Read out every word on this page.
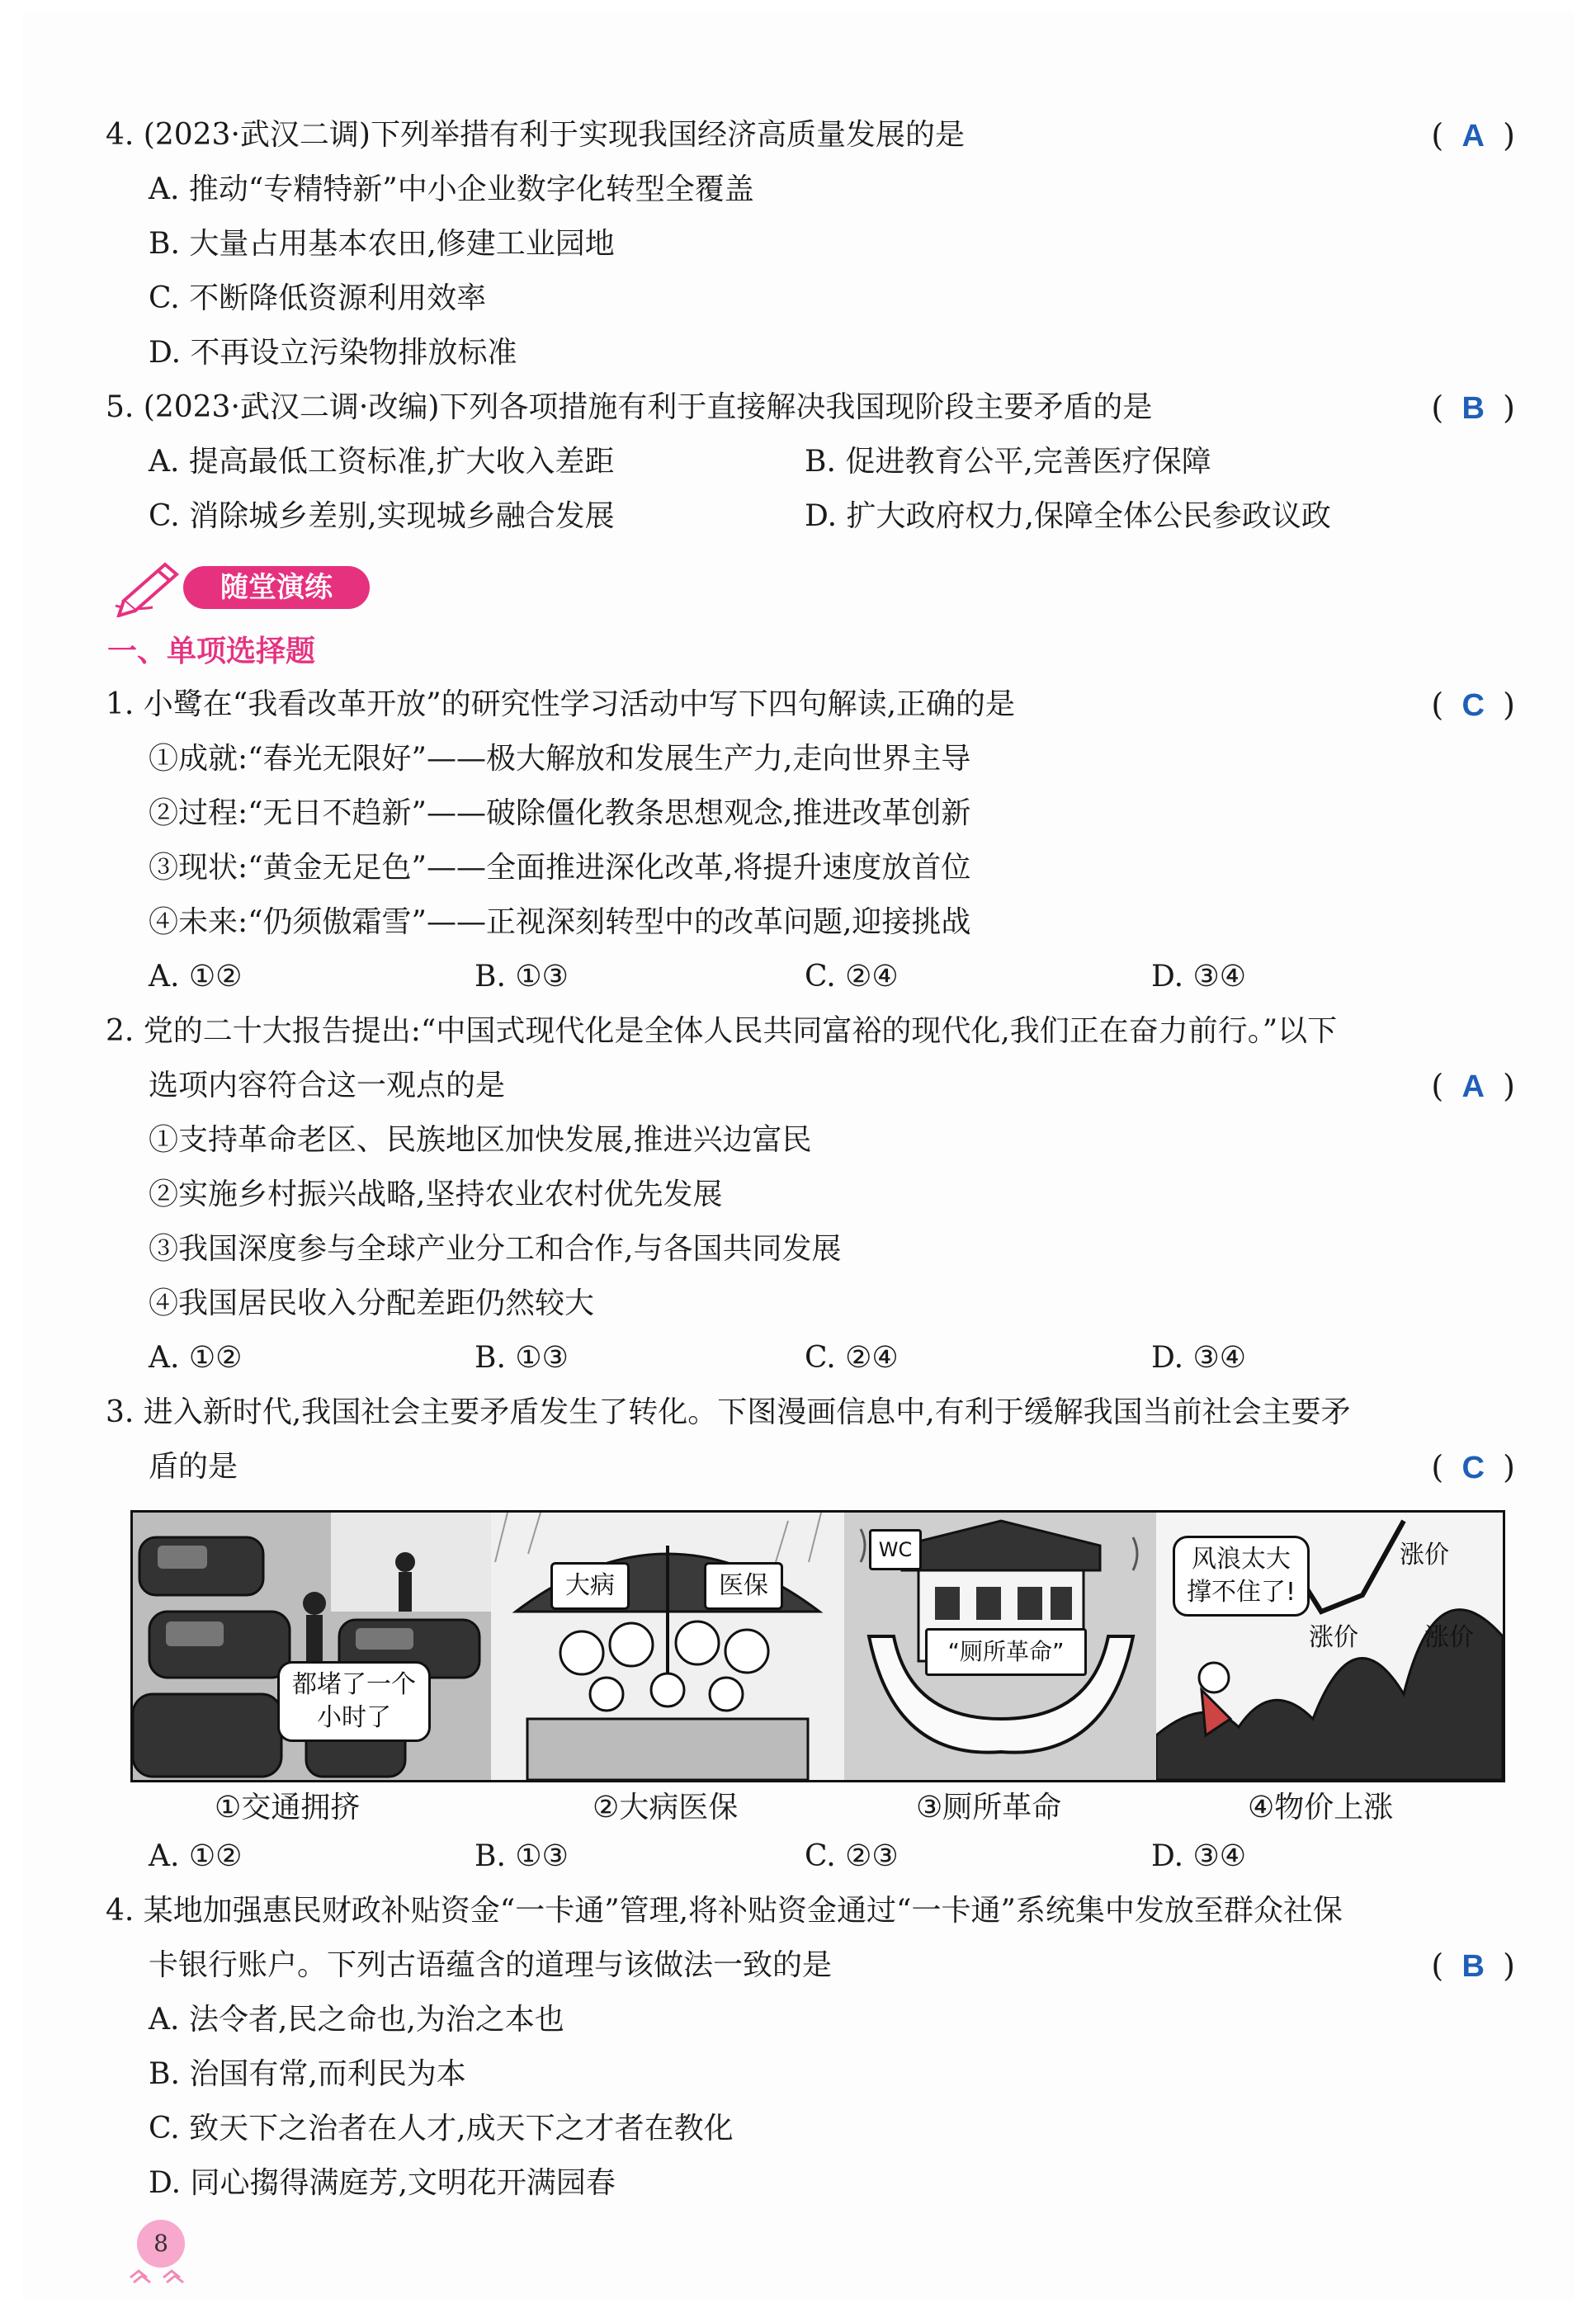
4. (2023·武汉二调)下列举措有利于实现我国经济高质量发展的是	( A )
A. 推动“专精特新”中小企业数字化转型全覆盖
B. 大量占用基本农田,修建工业园地
C. 不断降低资源利用效率
D. 不再设立污染物排放标准
5. (2023·武汉二调·改编)下列各项措施有利于直接解决我国现阶段主要矛盾的是	( B )
A. 提高最低工资标准,扩大收入差距	B. 促进教育公平,完善医疗保障
C. 消除城乡差别,实现城乡融合发展	D. 扩大政府权力,保障全体公民参政议政
随堂演练
一、单项选择题
1. 小鹭在“我看改革开放”的研究性学习活动中写下四句解读,正确的是	( C )
①成就:“春光无限好”——极大解放和发展生产力,走向世界主导
②过程:“无日不趋新”——破除僵化教条思想观念,推进改革创新
③现状:“黄金无足色”——全面推进深化改革,将提升速度放首位
④未来:“仍须傲霜雪”——正视深刻转型中的改革问题,迎接挑战
A. ①②	B. ①③	C. ②④	D. ③④
2. 党的二十大报告提出:“中国式现代化是全体人民共同富裕的现代化,我们正在奋力前行。”以下
选项内容符合这一观点的是	( A )
①支持革命老区、民族地区加快发展,推进兴边富民
②实施乡村振兴战略,坚持农业农村优先发展
③我国深度参与全球产业分工和合作,与各国共同发展
④我国居民收入分配差距仍然较大
A. ①②	B. ①③	C. ②④	D. ③④
3. 进入新时代,我国社会主要矛盾发生了转化。下图漫画信息中,有利于缓解我国当前社会主要矛
盾的是	( C )
都堵了一个小时了
大病	医保
WC
“厕所革命”
风浪太大撑不住了!
涨价
涨价	涨价
①交通拥挤	②大病医保	③厕所革命	④物价上涨
A. ①②	B. ①③	C. ②③	D. ③④
4. 某地加强惠民财政补贴资金“一卡通”管理,将补贴资金通过“一卡通”系统集中发放至群众社保
卡银行账户。下列古语蕴含的道理与该做法一致的是	( B )
A. 法令者,民之命也,为治之本也
B. 治国有常,而利民为本
C. 致天下之治者在人才,成天下之才者在教化
D. 同心搊得满庭芳,文明花开满园春
8
